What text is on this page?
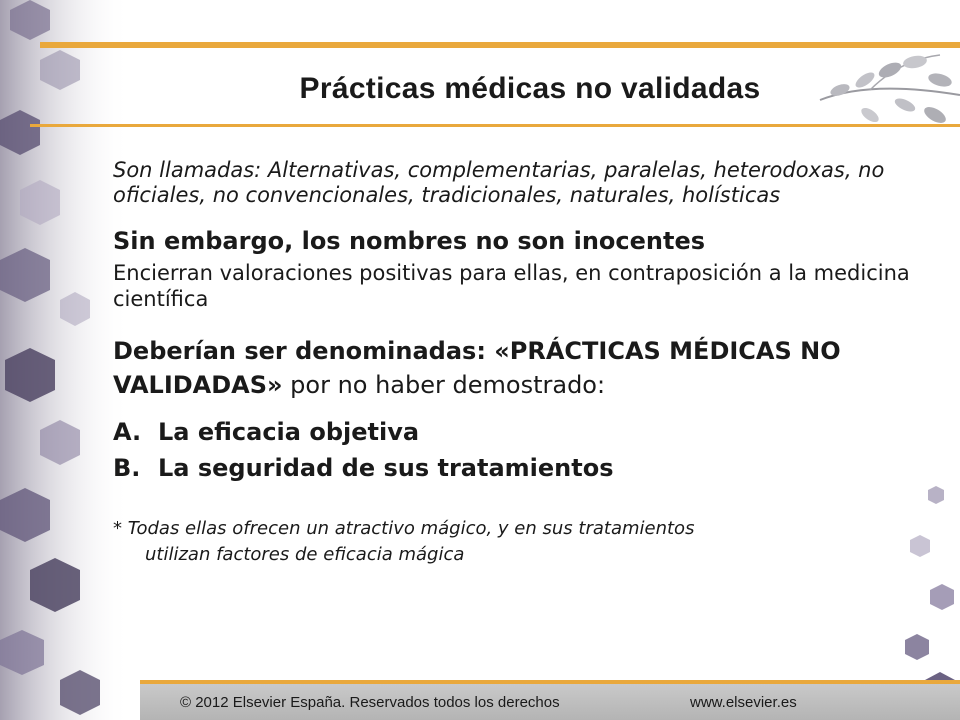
Prácticas médicas no validadas

Son llamadas: Alternativas, complementarias, paralelas, heterodoxas, no oficiales, no convencionales, tradicionales, naturales, holísticas

Sin embargo, los nombres no son inocentes

Encierran valoraciones positivas para ellas, en contraposición a la medicina científica

Deberían ser denominadas: «PRÁCTICAS MÉDICAS NO VALIDADAS» por no haber demostrado:

A. La eficacia objetiva
B. La seguridad de sus tratamientos

* Todas ellas ofrecen un atractivo mágico, y en sus tratamientos
utilizan factores de eficacia mágica

© 2012 Elsevier España. Reservados todos los derechos	www.elsevier.es
